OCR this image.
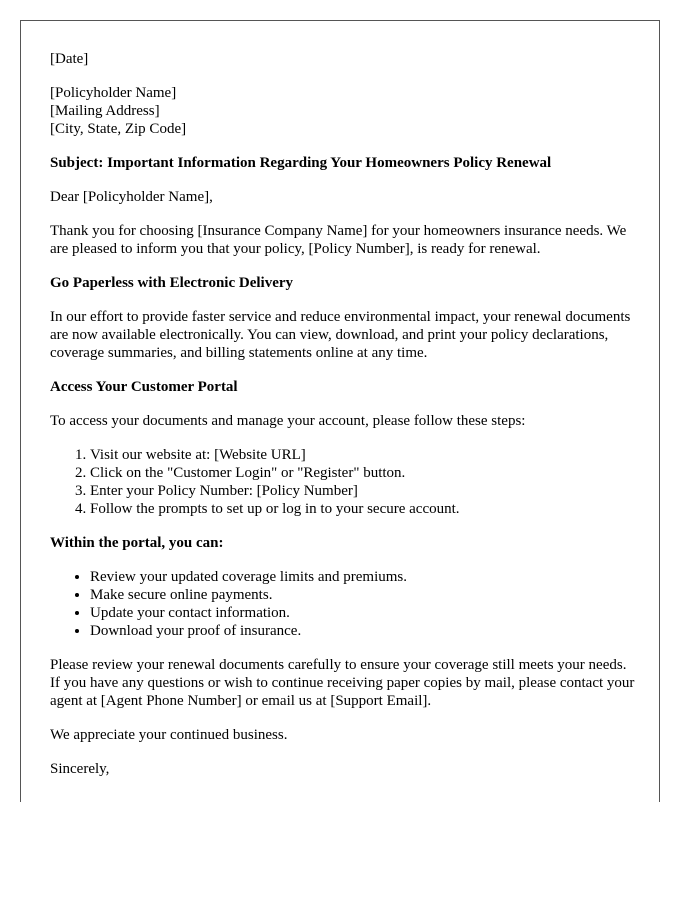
[Date]

[Policyholder Name]

[Mailing Address]

[City, State, Zip Code]

Subject: Important Information Regarding Your Homeowners Policy Renewal

Dear [Policyholder Name],

Thank you for choosing [Insurance Company Name] for your homeowners insurance needs. We are pleased to inform you that your policy, [Policy Number], is ready for renewal.

Go Paperless with Electronic Delivery

In our effort to provide faster service and reduce environmental impact, your renewal documents are now available electronically. You can view, download, and print your policy declarations, coverage summaries, and billing statements online at any time.

Access Your Customer Portal

To access your documents and manage your account, please follow these steps:

1. Visit our website at: [Website URL]
2. Click on the "Customer Login" or "Register" button.
3. Enter your Policy Number: [Policy Number]
4. Follow the prompts to set up or log in to your secure account.

Within the portal, you can:

• Review your updated coverage limits and premiums.
• Make secure online payments.
• Update your contact information.
• Download your proof of insurance.

Please review your renewal documents carefully to ensure your coverage still meets your needs. If you have any questions or wish to continue receiving paper copies by mail, please contact your agent at [Agent Phone Number] or email us at [Support Email].

We appreciate your continued business.

Sincerely,
